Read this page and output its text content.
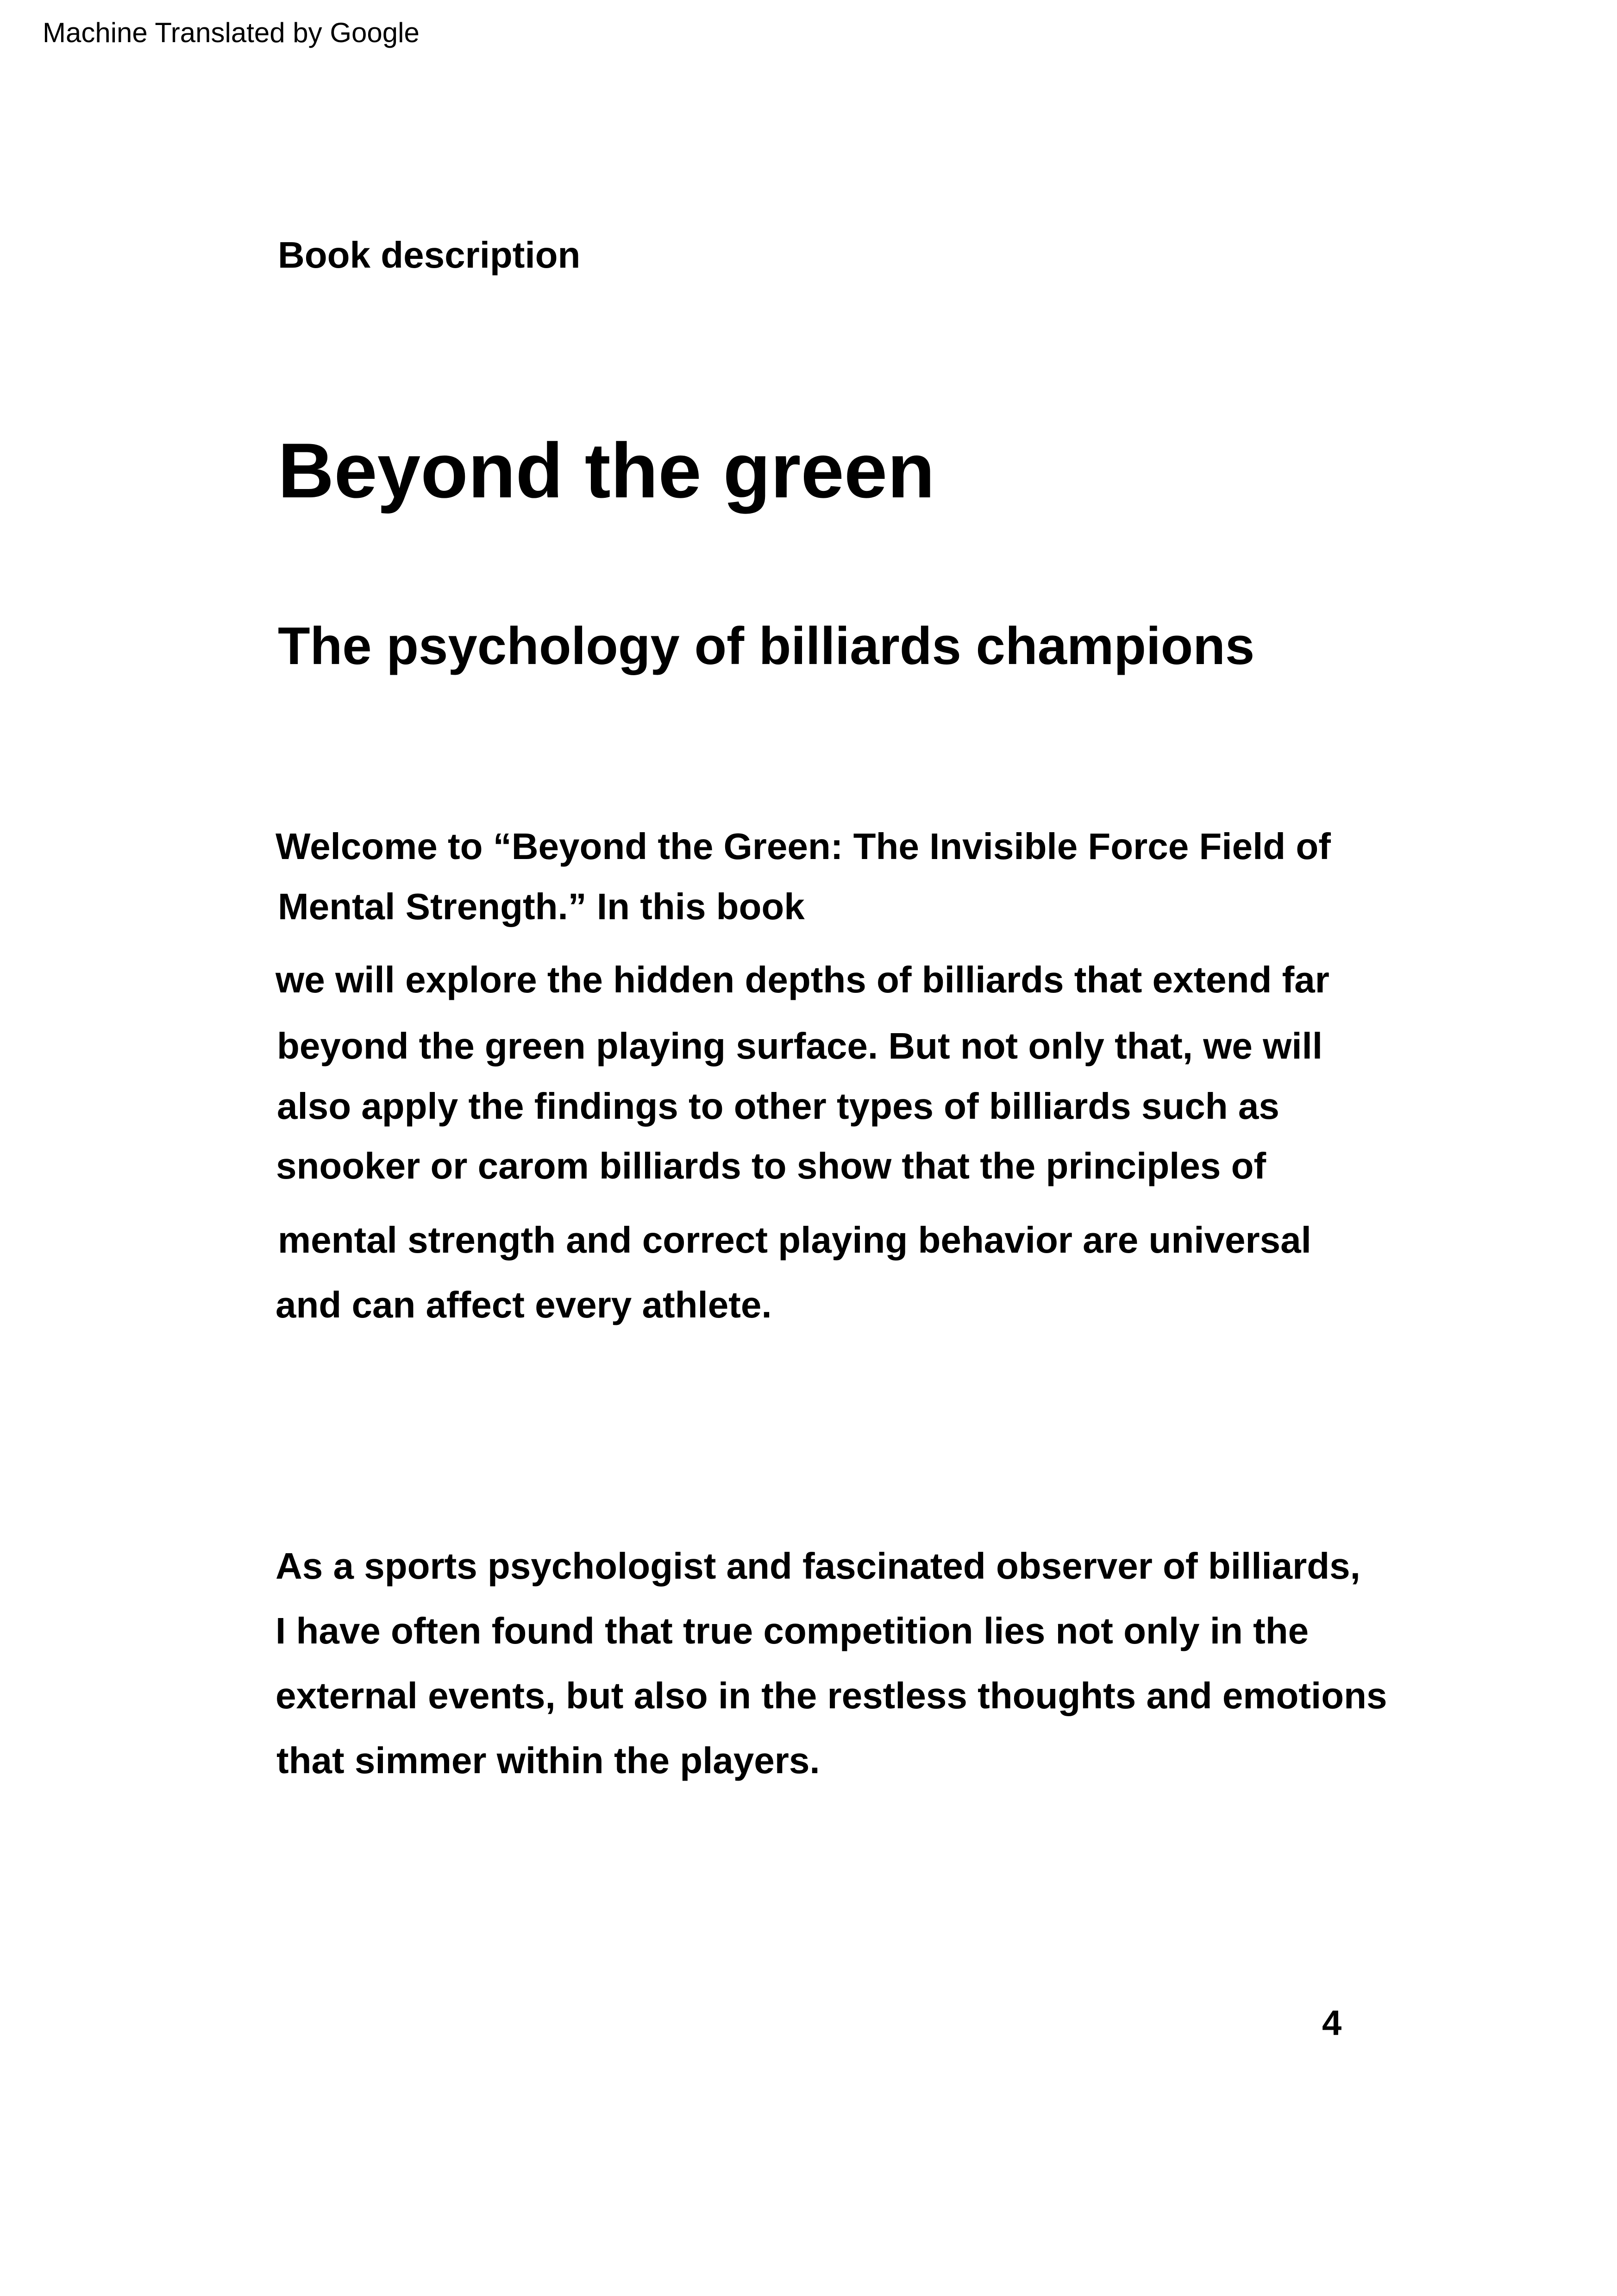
Machine Translated by Google
Book description
Beyond the green
The psychology of billiards champions
Welcome to “Beyond the Green: The Invisible Force Field of
Mental Strength.” In this book
we will explore the hidden depths of billiards that extend far
beyond the green playing surface. But not only that, we will
also apply the findings to other types of billiards such as
snooker or carom billiards to show that the principles of
mental strength and correct playing behavior are universal
and can affect every athlete.
As a sports psychologist and fascinated observer of billiards,
I have often found that true competition lies not only in the
external events, but also in the restless thoughts and emotions
that simmer within the players.
4
